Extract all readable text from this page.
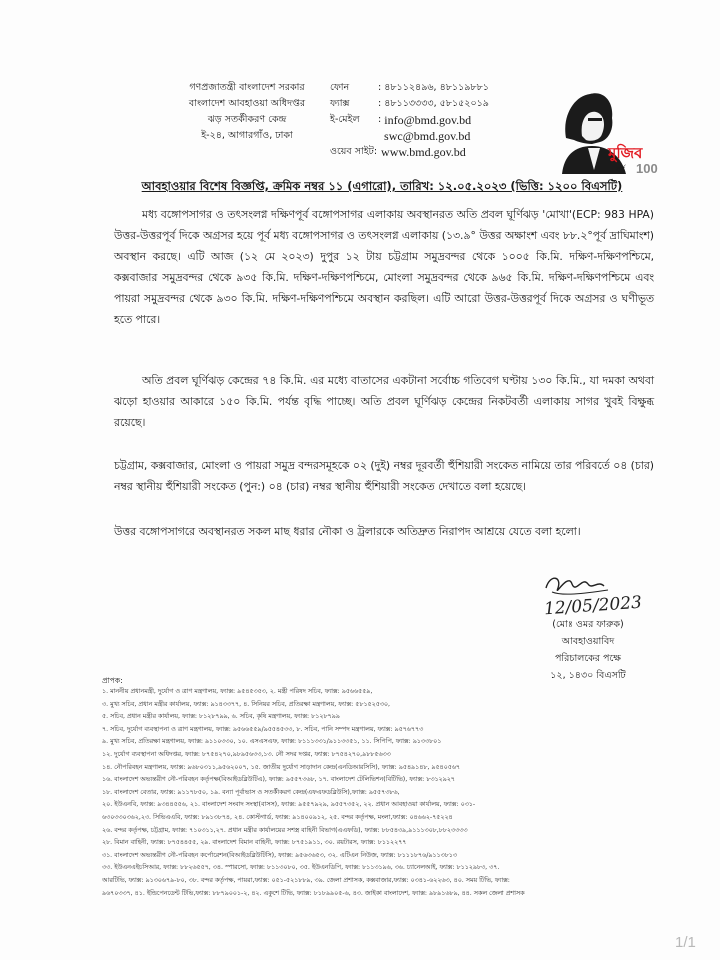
গণপ্রজাতন্ত্রী বাংলাদেশ সরকার
বাংলাদেশ আবহাওয়া অধিদপ্তর
ঝড় সতর্কীকরণ কেন্দ্র
ই-২৪, আগারগাঁও, ঢাকা
ফোন	: ৪৮১১২৪৯৬, ৪৮১১৯৮৮১
ফ্যাক্স	: ৪৮১১৩৩৩৩, ৫৮১৫২০১৯
ই-মেইল	:
info@bmd.gov.bd

swc@bmd.gov.bd
ওয়েব সাইট:
www.bmd.gov.bd	মুজিব
বর্ষ 100
আবহাওয়ার বিশেষ বিজ্ঞপ্তি, ক্রমিক নম্বর ১১ (এগারো), তারিখ: ১২.০৫.২০২৩ (ভিত্তি: ১২০০ বিএসটি)
মধ্য বঙ্গোপসাগর ও তৎসংলগ্ন দক্ষিণপূর্ব বঙ্গোপসাগর এলাকায় অবস্থানরত অতি প্রবল ঘূর্ণিঝড় 'মোখা'(ECP: 983 HPA) উত্তর-উত্তরপূর্ব দিকে অগ্রসর হয়ে পূর্ব মধ্য বঙ্গোপসাগর ও তৎসংলগ্ন এলাকায় (১৩.৯° উত্তর অক্ষাংশ এবং ৮৮.২°পূর্ব দ্রাঘিমাংশ) অবস্থান করছে। এটি আজ (১২ মে ২০২৩) দুপুর ১২ টায় চট্টগ্রাম সমুদ্রবন্দর থেকে ১০০৫ কি.মি. দক্ষিণ-দক্ষিণপশ্চিমে, কক্সবাজার সমুদ্রবন্দর থেকে ৯৩৫ কি.মি. দক্ষিণ-দক্ষিণপশ্চিমে, মোংলা সমুদ্রবন্দর থেকে ৯৬৫ কি.মি. দক্ষিণ-দক্ষিণপশ্চিমে এবং পায়রা সমুদ্রবন্দর থেকে ৯৩০ কি.মি. দক্ষিণ-দক্ষিণপশ্চিমে অবস্থান করছিল। এটি আরো উত্তর-উত্তরপূর্ব দিকে অগ্রসর ও ঘণীভূত হতে পারে।
অতি প্রবল ঘূর্ণিঝড় কেন্দ্রের ৭৪ কি.মি. এর মধ্যে বাতাসের একটানা সর্বোচ্চ গতিবেগ ঘণ্টায় ১৩০ কি.মি., যা দমকা অথবা ঝড়ো হাওয়ার আকারে ১৫০ কি.মি. পর্যন্ত বৃদ্ধি পাচ্ছে। অতি প্রবল ঘূর্ণিঝড় কেন্দ্রের নিকটবর্তী এলাকায় সাগর খুবই বিক্ষুব্ধ রয়েছে।
চট্টগ্রাম, কক্সবাজার, মোংলা ও পায়রা সমুদ্র বন্দরসমূহকে ০২ (দুই) নম্বর দূরবর্তী হুঁশিয়ারী সংকেত নামিয়ে তার পরিবর্তে ০৪ (চার) নম্বর স্থানীয় হুঁশিয়ারী সংকেত (পুন:) ০৪ (চার) নম্বর স্থানীয় হুঁশিয়ারী সংকেত দেখাতে বলা হয়েছে।
উত্তর বঙ্গোপসাগরে অবস্থানরত সকল মাছ ধরার নৌকা ও ট্রলারকে অতিদ্রুত নিরাপদ আশ্রয়ে যেতে বলা হলো।
12/05/2023
(মোঃ ওমর ফারুক)
আবহাওয়াবিদ
পরিচালকের পক্ষে
১২, ১৪৩০ বিএসটি
প্রাপক:
১. মাননীয় প্রধানমন্ত্রী, দুর্যোগ ও ত্রাণ মন্ত্রণালয়, ফ্যাক্স: ৯৫৪৫৩৫৩, ২. মন্ত্রী পরিষদ সচিব, ফ্যাক্স: ৯৫৬৬৫৫৯,
৩. মুখ্য সচিব, প্রধান মন্ত্রীর কার্যালয়, ফ্যাক্স: ৯১৪৩৩৭৭, ৪. সিনিয়র সচিব, প্রতিরক্ষা মন্ত্রণালয়, ফ্যাক্স: ৫৮১৫২৫৩০,
৫. সচিব, প্রধান মন্ত্রীর কার্যালয়, ফ্যাক্স: ৮১২৮৭৯৯, ৬. সচিব, কৃষি মন্ত্রণালয়, ফ্যাক্স: ৮১২৮৭৯৯
৭. সচিব, দুর্যোগ ব্যবস্থাপনা ও ত্রাণ মন্ত্রণালয়, ফ্যাক্স: ৯৫৬৬৫৫৯/৯৫৫৪৫৩৩, ৮. সচিব, পানি সম্পদ মন্ত্রণালয়, ফ্যাক্স: ৯৫৭৬৭৭৩
৯. মুখ্য সচিব, প্রতিরক্ষা মন্ত্রণালয়, ফ্যাক্স: ৯১১০৩৩০, ১০. এসএসএফ, ফ্যাক্স: ৮১১১৩৩১/৯১১৩৩৫১, ১১. সিপিপি, ফ্যাক্স: ৯১৩৩৮০১
১২. দুর্যোগ ব্যবস্থাপনা অধিদপ্তর, ফ্যাক্স: ৮৭৫৪২৭০,৯৮৯৫৬৩৩,১৩. নৌ সদর দপ্তর, ফ্যাক্স: ৮৭৫৪২৭০,৯৮৮৫৬৩৩
১৪. নৌপরিবহন মন্ত্রণালয়, ফ্যাক্স: ৯৬৮০৩১১,৯৫৬২০০৭, ১৫. জাতীয় দুর্যোগ সাড়াদান কেন্দ্র(এনডিআরসিসি), ফ্যাক্স: ৯৫৪৯১৪৮, ৯৫৪০৫৬৭
১৬. বাংলাদেশ অভ্যন্তরীণ নৌ-পরিবহন কর্তৃপক্ষ(বিআইডব্লিউটিএ), ফ্যাক্স: ৯৫৫৭৩৬৮, ১৭. বাংলাদেশ টেলিভিশন(বিটিভি), ফ্যাক্স: ৮৩১২৯২৭
১৮. বাংলাদেশ বেতার, ফ্যাক্স: ৯১১৭৮৫০, ১৯. বন্যা পূর্বাভাস ও সতর্কীকরণ কেন্দ্র(এফএফডব্লিউসি),ফ্যাক্স: ৯৫৫৭৩৮৬,
২০. ইউএনবি, ফ্যাক্স: ৯৩৪৪৫৫৬, ২১. বাংলাদেশ সংবাদ সংস্থা(বাসস), ফ্যাক্স: ৯৫৫৭৯২৯, ৯৫৫৭৩৫২, ২২. প্রধান আবহাওয়া কার্যালয়, ফ্যাক্স: ০৩১-
৬৩০৩৩০৩৬২,২৩. সিভিএএবি, ফ্যাক্স: ৮৯১৩৮৭৪, ২৪. কোস্টগার্ড, ফ্যাক্স: ৯১৪০০৯১২, ২৫. বন্দর কর্তৃপক্ষ, মংলা,ফ্যাক্স: ০৪৬৬২-৭৫২২৪
২৬. বন্দর কর্তৃপক্ষ, চট্টগ্রাম, ফ্যাক্স: ৭১০৩১১,২৭. প্রধান মন্ত্রীর কার্যালয়ের সশস্ত্র বাহিনী বিভাগ(এএফডি), ফ্যাক্স: ৮৮৫৪৩৯,৯১১১৩০৮,৮৮২৩৩৩৩
২৮. বিমান বাহিনী, ফ্যাক্স: ৮৭৫৪৪৫৫, ২৯. বাংলাদেশ বিমান বাহিনী, ফ্যাক্স: ৮৭৫১৯১১, ৩০. রয়টারস, ফ্যাক্স: ৮১১২২৭৭
৩১. বাংলাদেশ অভ্যন্তরীণ নৌ-পরিবহন কর্পোরেশন(বিআইডব্লিউটিসি), ফ্যাক্স: ৯৫৬৩৬৫৩, ৩২. এটিএন নিউজ, ফ্যাক্স: ৮১১১৮৭৬/৯১১৩৮১৩
৩৩. ইউএনএইচসিআর, ফ্যাক্স: ৮৮২৬৫৫৭, ৩৪. স্পারসো, ফ্যাক্স: ৮১১৩০৮০, ৩৫. ইউএনডিপি, ফ্যাক্স: ৮১১৩১৯৬, ৩৬. চ্যানেলআই, ফ্যাক্স: ৮১১২৯৮৩, ৩৭.
আরটিভি, ফ্যাক্স: ৯১৩০৬৭৯-৮০, ৩৮. বন্দর কর্তৃপক্ষ, পায়রা,ফ্যাক্স: ০৫১-৫২১৮৮৯, ৩৯. জেলা প্রশাসক, কক্সবাজার,ফ্যাক্স: ০৩৪১-৬২২৬৩, ৪০. সময় টিভি, ফ্যাক্স:
৯৬৭০৩৩৭, ৪১. ইন্ডিপেনডেন্ট টিভি,ফ্যাক্স: ৮৮৭৯০০১-২, ৪২. একুশে টিভি, ফ্যাক্স: ৮১৮৯৯০৫-৬, ৪৩. জাইকা বাংলাদেশ, ফ্যাক্স: ৯৮৯১৬৮৯, ৪৪. সকল জেলা প্রশাসক
1/1
